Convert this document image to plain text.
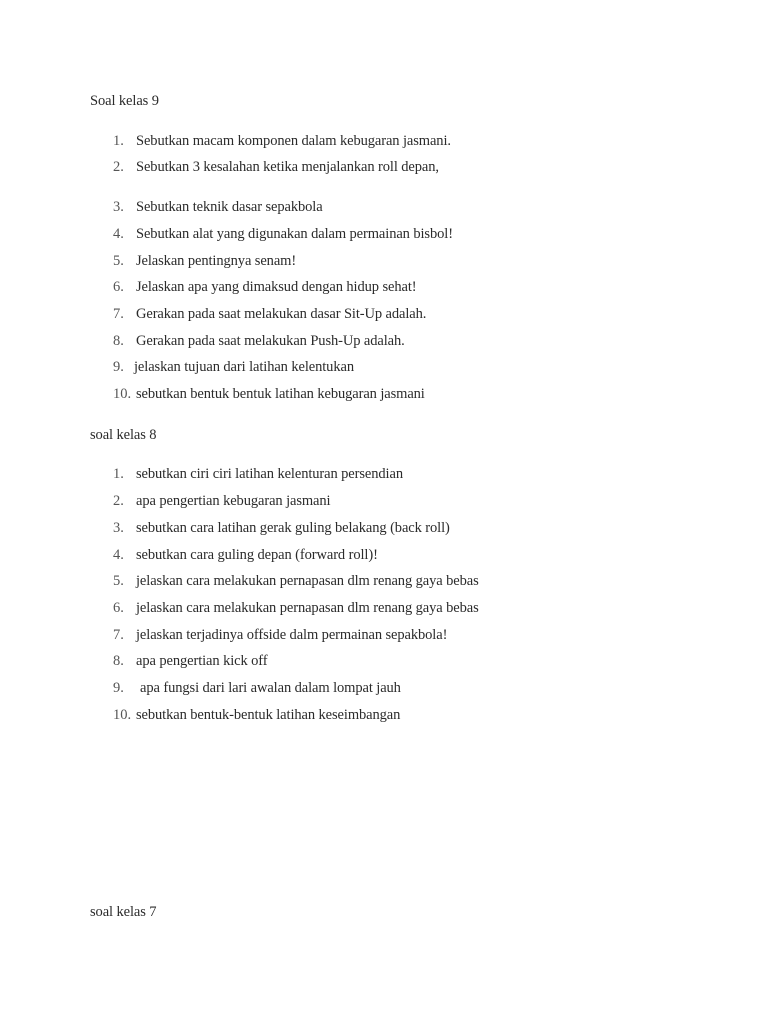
Soal kelas 9
1. Sebutkan macam komponen dalam kebugaran jasmani.
2. Sebutkan 3 kesalahan ketika menjalankan roll depan,
3. Sebutkan teknik dasar sepakbola
4. Sebutkan alat yang digunakan dalam permainan bisbol!
5. Jelaskan pentingnya senam!
6. Jelaskan apa yang dimaksud dengan hidup sehat!
7. Gerakan pada saat melakukan dasar Sit-Up adalah.
8. Gerakan pada saat melakukan Push-Up adalah.
9. jelaskan tujuan dari latihan kelentukan
10. sebutkan bentuk bentuk latihan kebugaran jasmani
soal kelas 8
1. sebutkan ciri ciri latihan kelenturan persendian
2. apa pengertian kebugaran jasmani
3. sebutkan cara latihan gerak guling belakang (back roll)
4. sebutkan cara guling depan (forward roll)!
5. jelaskan cara melakukan pernapasan dlm renang gaya bebas
6. jelaskan cara melakukan pernapasan dlm renang gaya bebas
7. jelaskan terjadinya offside dalm permainan sepakbola!
8. apa pengertian kick off
9. apa fungsi dari lari awalan dalam lompat jauh
10. sebutkan bentuk-bentuk latihan keseimbangan
soal kelas 7
